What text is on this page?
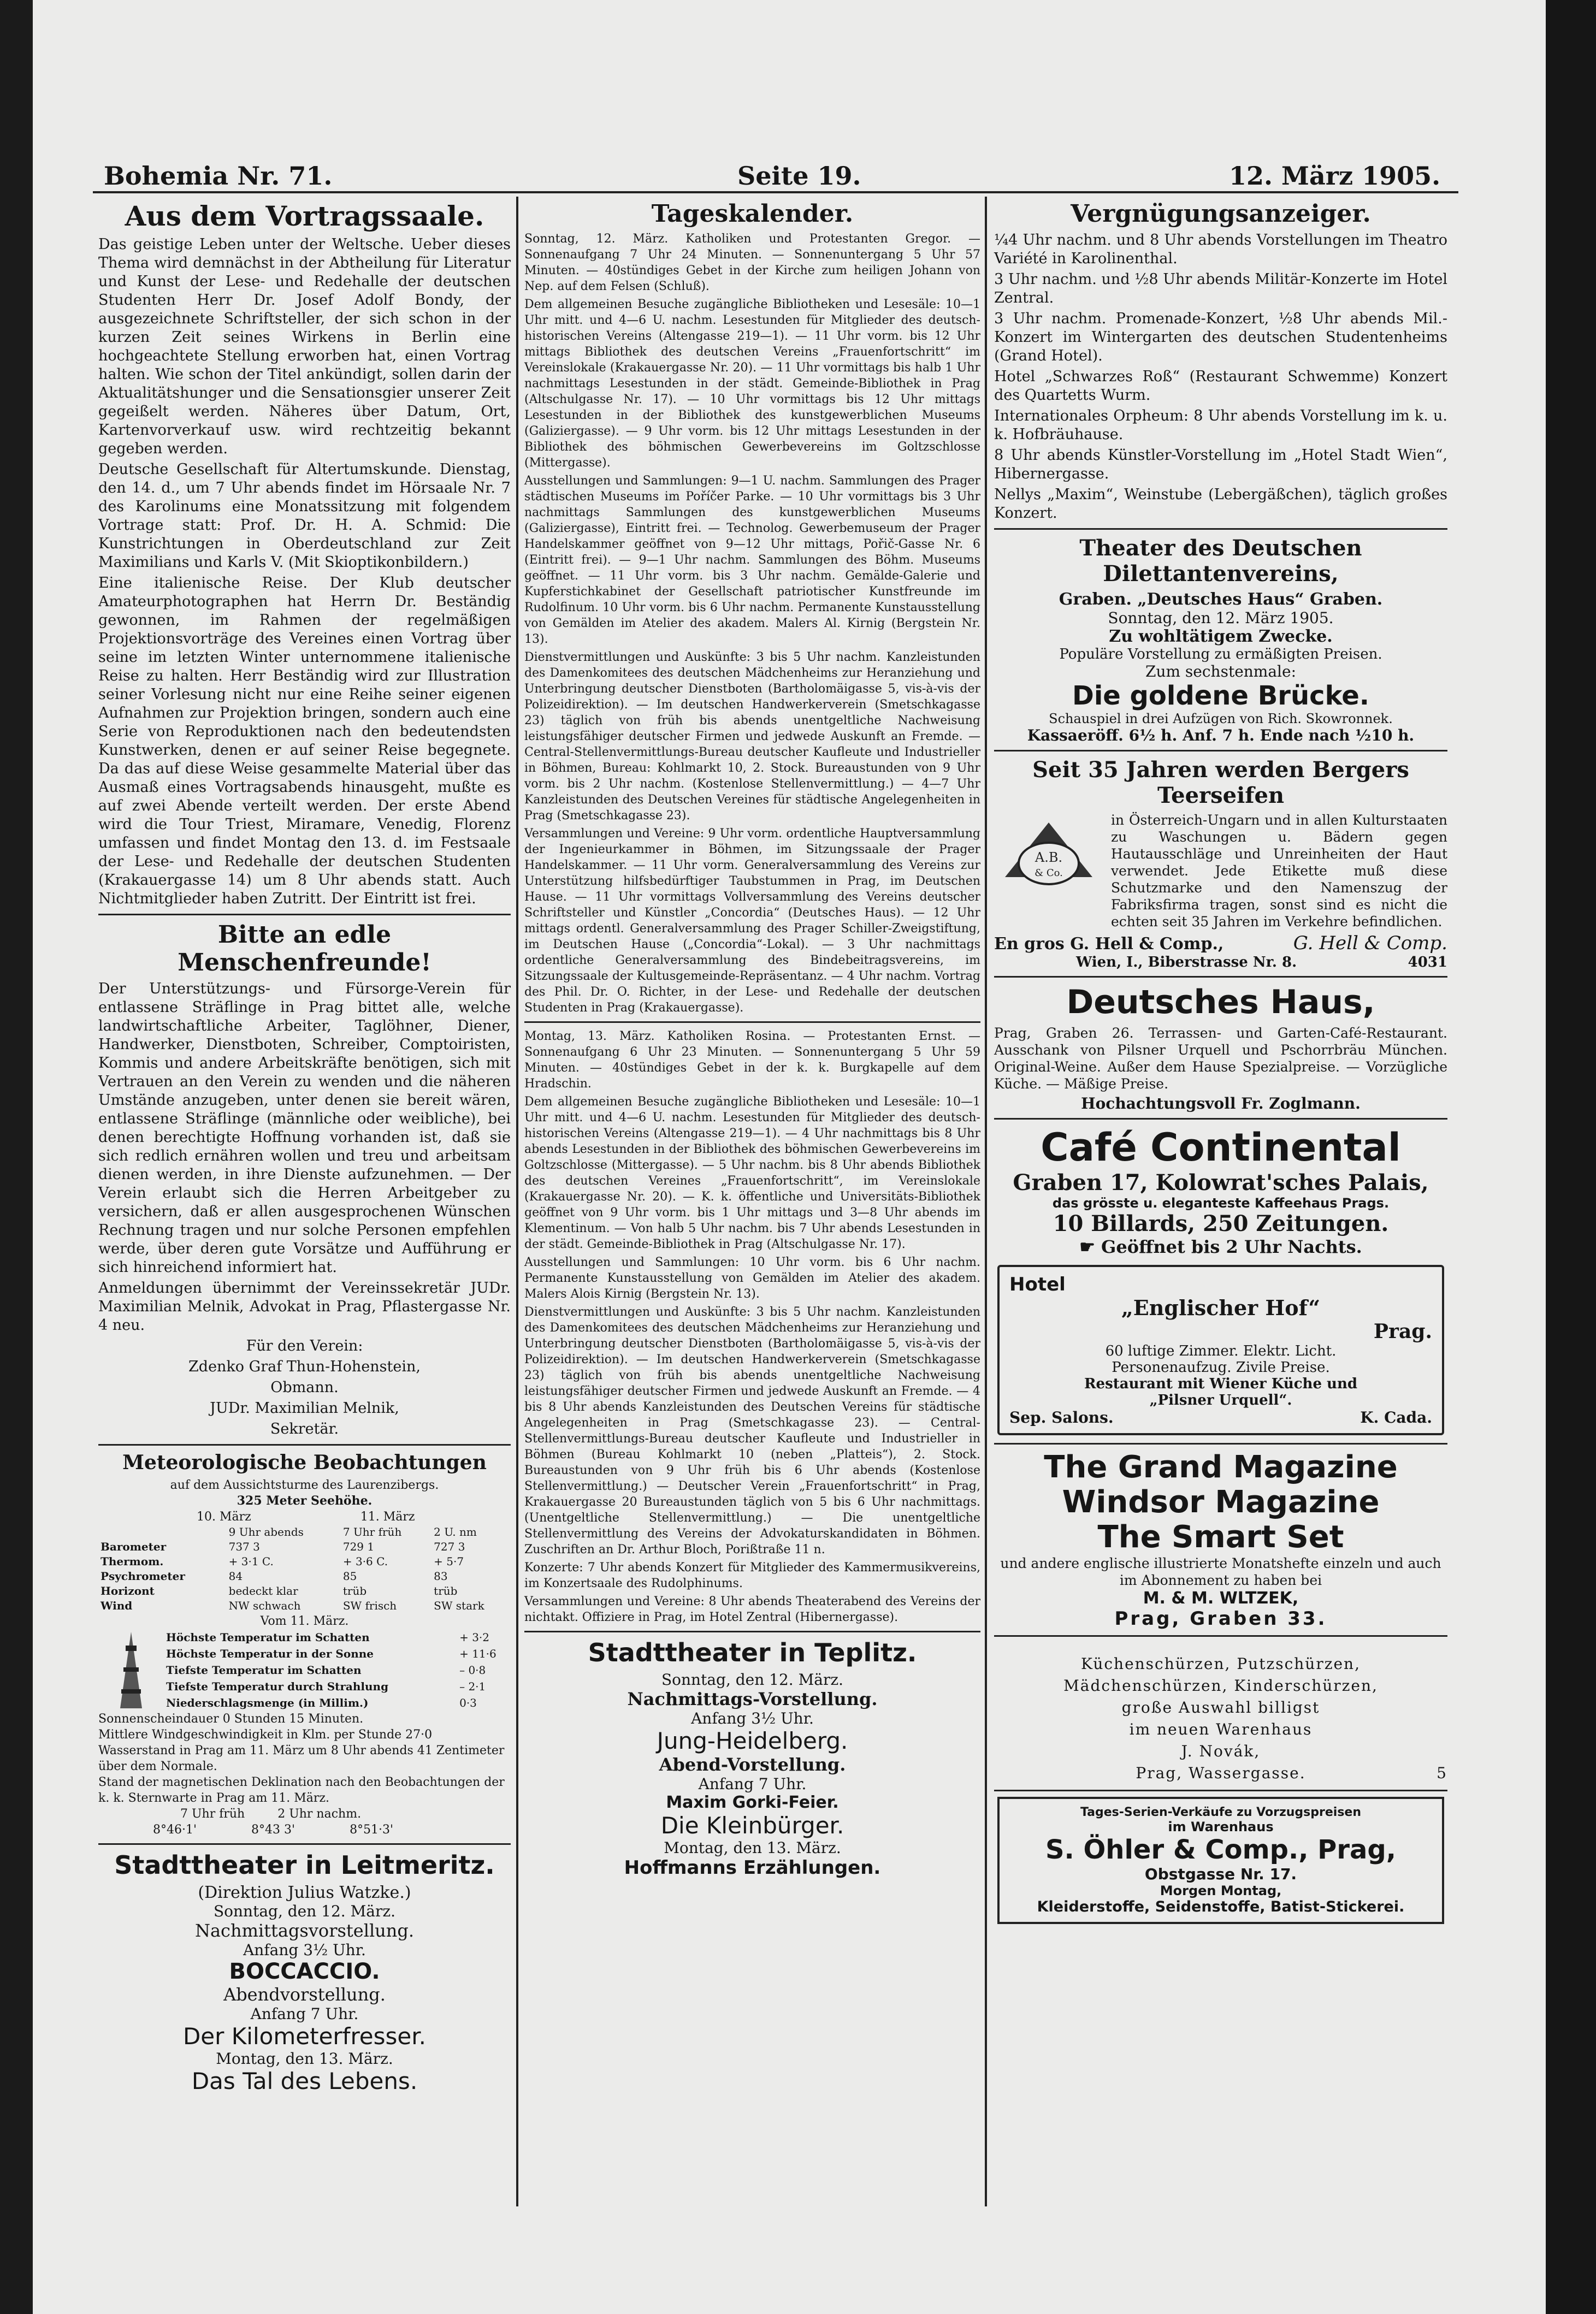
Bohemia Nr. 71.	Seite 19.	12. März 1905.
Aus dem Vortragssaale.

Das geistige Leben unter der Weltsche. Ueber dieses Thema wird demnächst in der Abtheilung für Literatur und Kunst der Lese- und Redehalle der deutschen Studenten Herr Dr. Josef Adolf Bondy, der ausgezeichnete Schriftsteller, der sich schon in der kurzen Zeit seines Wirkens in Berlin eine hochgeachtete Stellung erworben hat, einen Vortrag halten. Wie schon der Titel ankündigt, sollen darin der Aktualitätshunger und die Sensationsgier unserer Zeit gegeißelt werden. Näheres über Datum, Ort, Kartenvorverkauf usw. wird rechtzeitig bekannt gegeben werden.

Deutsche Gesellschaft für Altertumskunde. Dienstag, den 14. d., um 7 Uhr abends findet im Hörsaale Nr. 7 des Karolinums eine Monatssitzung mit folgendem Vortrage statt: Prof. Dr. H. A. Schmid: Die Kunstrichtungen in Oberdeutschland zur Zeit Maximilians und Karls V. (Mit Skioptikonbildern.)

Eine italienische Reise. Der Klub deutscher Amateurphotographen hat Herrn Dr. Beständig gewonnen, im Rahmen der regelmäßigen Projektionsvorträge des Vereines einen Vortrag über seine im letzten Winter unternommene italienische Reise zu halten. Herr Beständig wird zur Illustration seiner Vorlesung nicht nur eine Reihe seiner eigenen Aufnahmen zur Projektion bringen, sondern auch eine Serie von Reproduktionen nach den bedeutendsten Kunstwerken, denen er auf seiner Reise begegnete. Da das auf diese Weise gesammelte Material über das Ausmaß eines Vortragsabends hinausgeht, mußte es auf zwei Abende verteilt werden. Der erste Abend wird die Tour Triest, Miramare, Venedig, Florenz umfassen und findet Montag den 13. d. im Festsaale der Lese- und Redehalle der deutschen Studenten (Krakauergasse 14) um 8 Uhr abends statt. Auch Nichtmitglieder haben Zutritt. Der Eintritt ist frei.

Bitte an edle Menschenfreunde!

Der Unterstützungs- und Fürsorge-Verein für entlassene Sträflinge in Prag bittet alle, welche landwirtschaftliche Arbeiter, Taglöhner, Diener, Handwerker, Dienstboten, Schreiber, Comptoiristen, Kommis und andere Arbeitskräfte benötigen, sich mit Vertrauen an den Verein zu wenden und die näheren Umstände anzugeben, unter denen sie bereit wären, entlassene Sträflinge (männliche oder weibliche), bei denen berechtigte Hoffnung vorhanden ist, daß sie sich redlich ernähren wollen und treu und arbeitsam dienen werden, in ihre Dienste aufzunehmen. — Der Verein erlaubt sich die Herren Arbeitgeber zu versichern, daß er allen ausgesprochenen Wünschen Rechnung tragen und nur solche Personen empfehlen werde, über deren gute Vorsätze und Aufführung er sich hinreichend informiert hat.

Anmeldungen übernimmt der Vereinssekretär JUDr. Maximilian Melnik, Advokat in Prag, Pflastergasse Nr. 4 neu.

Für den Verein:
Zdenko Graf Thun-Hohenstein,
Obmann.
JUDr. Maximilian Melnik,
Sekretär.
Meteorologische Beobachtungen
auf dem Aussichtsturme des Laurenzibergs.
325 Meter Seehöhe.
10. März	11. März
	9 Uhr abends	7 Uhr früh	2 U. nm
Barometer	737 3	729 1	727 3
Thermom.	+ 3·1 C.	+ 3·6 C.	+ 5·7
Psychrometer	84	85	83
Horizont	bedeckt klar	trüb	trüb
Wind	NW schwach	SW frisch	SW stark
Vom 11. März.
Höchste Temperatur im Schatten	+ 3·2
Höchste Temperatur in der Sonne	+ 11·6
Tiefste Temperatur im Schatten	– 0·8
Tiefste Temperatur durch Strahlung	– 2·1
Niederschlagsmenge (in Millim.)	0·3
Sonnenscheindauer 0 Stunden 15 Minuten.
Mittlere Windgeschwindigkeit in Klm. per Stunde 27·0
Wasserstand in Prag am 11. März um 8 Uhr abends 41 Zentimeter über dem Normale.
Stand der magnetischen Deklination nach den Beobachtungen der k. k. Sternwarte in Prag am 11. März.
7 Uhr früh	2 Uhr nachm.
8°46·1'	8°43 3'	8°51·3'
Stadttheater in Leitmeritz.
(Direktion Julius Watzke.)
Sonntag, den 12. März.
Nachmittagsvorstellung.
Anfang 3½ Uhr.
BOCCACCIO.
Abendvorstellung.
Anfang 7 Uhr.
Der Kilometerfresser.
Montag, den 13. März.
Das Tal des Lebens.
Tageskalender.

Sonntag, 12. März. Katholiken und Protestanten Gregor. — Sonnenaufgang 7 Uhr 24 Minuten. — Sonnenuntergang 5 Uhr 57 Minuten. — 40stündiges Gebet in der Kirche zum heiligen Johann von Nep. auf dem Felsen (Schluß).

Dem allgemeinen Besuche zugängliche Bibliotheken und Lesesäle: 10—1 Uhr mitt. und 4—6 U. nachm. Lesestunden für Mitglieder des deutsch-historischen Vereins (Altengasse 219—1). — 11 Uhr vorm. bis 12 Uhr mittags Bibliothek des deutschen Vereins „Frauenfortschritt“ im Vereinslokale (Krakauergasse Nr. 20). — 11 Uhr vormittags bis halb 1 Uhr nachmittags Lesestunden in der städt. Gemeinde-Bibliothek in Prag (Altschulgasse Nr. 17). — 10 Uhr vormittags bis 12 Uhr mittags Lesestunden in der Bibliothek des kunstgewerblichen Museums (Galiziergasse). — 9 Uhr vorm. bis 12 Uhr mittags Lesestunden in der Bibliothek des böhmischen Gewerbevereins im Goltzschlosse (Mittergasse).

Ausstellungen und Sammlungen: 9—1 U. nachm. Sammlungen des Prager städtischen Museums im Poříčer Parke. — 10 Uhr vormittags bis 3 Uhr nachmittags Sammlungen des kunstgewerblichen Museums (Galiziergasse), Eintritt frei. — Technolog. Gewerbemuseum der Prager Handelskammer geöffnet von 9—12 Uhr mittags, Pořič-Gasse Nr. 6 (Eintritt frei). — 9—1 Uhr nachm. Sammlungen des Böhm. Museums geöffnet. — 11 Uhr vorm. bis 3 Uhr nachm. Gemälde-Galerie und Kupferstichkabinet der Gesellschaft patriotischer Kunstfreunde im Rudolfinum. 10 Uhr vorm. bis 6 Uhr nachm. Permanente Kunstausstellung von Gemälden im Atelier des akadem. Malers Al. Kirnig (Bergstein Nr. 13).

Dienstvermittlungen und Auskünfte: 3 bis 5 Uhr nachm. Kanzleistunden des Damenkomitees des deutschen Mädchenheims zur Heranziehung und Unterbringung deutscher Dienstboten (Bartholomäigasse 5, vis-à-vis der Polizeidirektion). — Im deutschen Handwerkerverein (Smetschkagasse 23) täglich von früh bis abends unentgeltliche Nachweisung leistungsfähiger deutscher Firmen und jedwede Auskunft an Fremde. — Central-Stellenvermittlungs-Bureau deutscher Kaufleute und Industrieller in Böhmen, Bureau: Kohlmarkt 10, 2. Stock. Bureaustunden von 9 Uhr vorm. bis 2 Uhr nachm. (Kostenlose Stellenvermittlung.) — 4—7 Uhr Kanzleistunden des Deutschen Vereines für städtische Angelegenheiten in Prag (Smetschkagasse 23).

Versammlungen und Vereine: 9 Uhr vorm. ordentliche Hauptversammlung der Ingenieurkammer in Böhmen, im Sitzungssaale der Prager Handelskammer. — 11 Uhr vorm. Generalversammlung des Vereins zur Unterstützung hilfsbedürftiger Taubstummen in Prag, im Deutschen Hause. — 11 Uhr vormittags Vollversammlung des Vereins deutscher Schriftsteller und Künstler „Concordia“ (Deutsches Haus). — 12 Uhr mittags ordentl. Generalversammlung des Prager Schiller-Zweigstiftung, im Deutschen Hause („Concordia“-Lokal). — 3 Uhr nachmittags ordentliche Generalversammlung des Bindebeitragsvereins, im Sitzungssaale der Kultusgemeinde-Repräsentanz. — 4 Uhr nachm. Vortrag des Phil. Dr. O. Richter, in der Lese- und Redehalle der deutschen Studenten in Prag (Krakauergasse).

Montag, 13. März. Katholiken Rosina. — Protestanten Ernst. — Sonnenaufgang 6 Uhr 23 Minuten. — Sonnenuntergang 5 Uhr 59 Minuten. — 40stündiges Gebet in der k. k. Burgkapelle auf dem Hradschin.

Dem allgemeinen Besuche zugängliche Bibliotheken und Lesesäle: 10—1 Uhr mitt. und 4—6 U. nachm. Lesestunden für Mitglieder des deutsch-historischen Vereins (Altengasse 219—1). — 4 Uhr nachmittags bis 8 Uhr abends Lesestunden in der Bibliothek des böhmischen Gewerbevereins im Goltzschlosse (Mittergasse). — 5 Uhr nachm. bis 8 Uhr abends Bibliothek des deutschen Vereines „Frauenfortschritt“, im Vereinslokale (Krakauergasse Nr. 20). — K. k. öffentliche und Universitäts-Bibliothek geöffnet von 9 Uhr vorm. bis 1 Uhr mittags und 3—8 Uhr abends im Klementinum. — Von halb 5 Uhr nachm. bis 7 Uhr abends Lesestunden in der städt. Gemeinde-Bibliothek in Prag (Altschulgasse Nr. 17).

Ausstellungen und Sammlungen: 10 Uhr vorm. bis 6 Uhr nachm. Permanente Kunstausstellung von Gemälden im Atelier des akadem. Malers Alois Kirnig (Bergstein Nr. 13).

Dienstvermittlungen und Auskünfte: 3 bis 5 Uhr nachm. Kanzleistunden des Damenkomitees des deutschen Mädchenheims zur Heranziehung und Unterbringung deutscher Dienstboten (Bartholomäigasse 5, vis-à-vis der Polizeidirektion). — Im deutschen Handwerkerverein (Smetschkagasse 23) täglich von früh bis abends unentgeltliche Nachweisung leistungsfähiger deutscher Firmen und jedwede Auskunft an Fremde. — 4 bis 8 Uhr abends Kanzleistunden des Deutschen Vereins für städtische Angelegenheiten in Prag (Smetschkagasse 23). — Central-Stellenvermittlungs-Bureau deutscher Kaufleute und Industrieller in Böhmen (Bureau Kohlmarkt 10 (neben „Platteis“), 2. Stock. Bureaustunden von 9 Uhr früh bis 6 Uhr abends (Kostenlose Stellenvermittlung.) — Deutscher Verein „Frauenfortschritt“ in Prag, Krakauergasse 20 Bureaustunden täglich von 5 bis 6 Uhr nachmittags. (Unentgeltliche Stellenvermittlung.) — Die unentgeltliche Stellenvermittlung des Vereins der Advokaturskandidaten in Böhmen. Zuschriften an Dr. Arthur Bloch, Porißtraße 11 n.

Konzerte: 7 Uhr abends Konzert für Mitglieder des Kammermusikvereins, im Konzertsaale des Rudolphinums.

Versammlungen und Vereine: 8 Uhr abends Theaterabend des Vereins der nichtakt. Offiziere in Prag, im Hotel Zentral (Hibernergasse).

Stadttheater in Teplitz.
Sonntag, den 12. März.
Nachmittags-Vorstellung.
Anfang 3½ Uhr.
Jung-Heidelberg.
Abend-Vorstellung.
Anfang 7 Uhr.
Maxim Gorki-Feier.
Die Kleinbürger.
Montag, den 13. März.
Hoffmanns Erzählungen.
Vergnügungsanzeiger.

¼4 Uhr nachm. und 8 Uhr abends Vorstellungen im Theatro Variété in Karolinenthal.

3 Uhr nachm. und ½8 Uhr abends Militär-Konzerte im Hotel Zentral.

3 Uhr nachm. Promenade-Konzert, ½8 Uhr abends Mil.-Konzert im Wintergarten des deutschen Studentenheims (Grand Hotel).

Hotel „Schwarzes Roß“ (Restaurant Schwemme) Konzert des Quartetts Wurm.

Internationales Orpheum: 8 Uhr abends Vorstellung im k. u. k. Hofbräuhause.

8 Uhr abends Künstler-Vorstellung im „Hotel Stadt Wien“, Hibernergasse.

Nellys „Maxim“, Weinstube (Lebergäßchen), täglich großes Konzert.

Theater des Deutschen Dilettantenvereins,
Graben. „Deutsches Haus“ Graben.
Sonntag, den 12. März 1905.
Zu wohltätigem Zwecke.
Populäre Vorstellung zu ermäßigten Preisen.
Zum sechstenmale:
Die goldene Brücke.
Schauspiel in drei Aufzügen von Rich. Skowronnek.
Kassaeröff. 6½ h. Anf. 7 h. Ende nach ½10 h.
Seit 35 Jahren werden Bergers Teerseifen
A.B.
& Co.

in Österreich-Ungarn und in allen Kulturstaaten zu Waschungen u. Bädern gegen Hautausschläge und Unreinheiten der Haut verwendet. Jede Etikette muß diese Schutzmarke und den Namenszug der Fabriksfirma tragen, sonst sind es nicht die echten seit 35 Jahren im Verkehre befindlichen.

En gros G. Hell & Comp.,	G. Hell & Comp.
Wien, I., Biberstrasse Nr. 8.	4031
Deutsches Haus,

Prag, Graben 26. Terrassen- und Garten-Café-Restaurant. Ausschank von Pilsner Urquell und Pschorrbräu München. Original-Weine. Außer dem Hause Spezialpreise. — Vorzügliche Küche. — Mäßige Preise.

Hochachtungsvoll Fr. Zoglmann.
Café Continental
Graben 17, Kolowrat'sches Palais,
das grösste u. eleganteste Kaffeehaus Prags.
10 Billards, 250 Zeitungen.
☛ Geöffnet bis 2 Uhr Nachts.
Hotel
„Englischer Hof“
Prag.
60 luftige Zimmer. Elektr. Licht.
Personenaufzug. Zivile Preise.
Restaurant mit Wiener Küche und
„Pilsner Urquell“.
Sep. Salons.	K. Cada.
The Grand Magazine
Windsor Magazine
The Smart Set
und andere englische illustrierte Monatshefte einzeln und auch im Abonnement zu haben bei
M. & M. WLTZEK,
Prag, Graben 33.
Küchenschürzen, Putzschürzen,
Mädchenschürzen, Kinderschürzen,
große Auswahl billigst
im neuen Warenhaus
J. Novák,
Prag, Wassergasse.	5
Tages-Serien-Verkäufe zu Vorzugspreisen
im Warenhaus
S. Öhler & Comp., Prag,
Obstgasse Nr. 17.
Morgen Montag,
Kleiderstoffe, Seidenstoffe, Batist-Stickerei.
